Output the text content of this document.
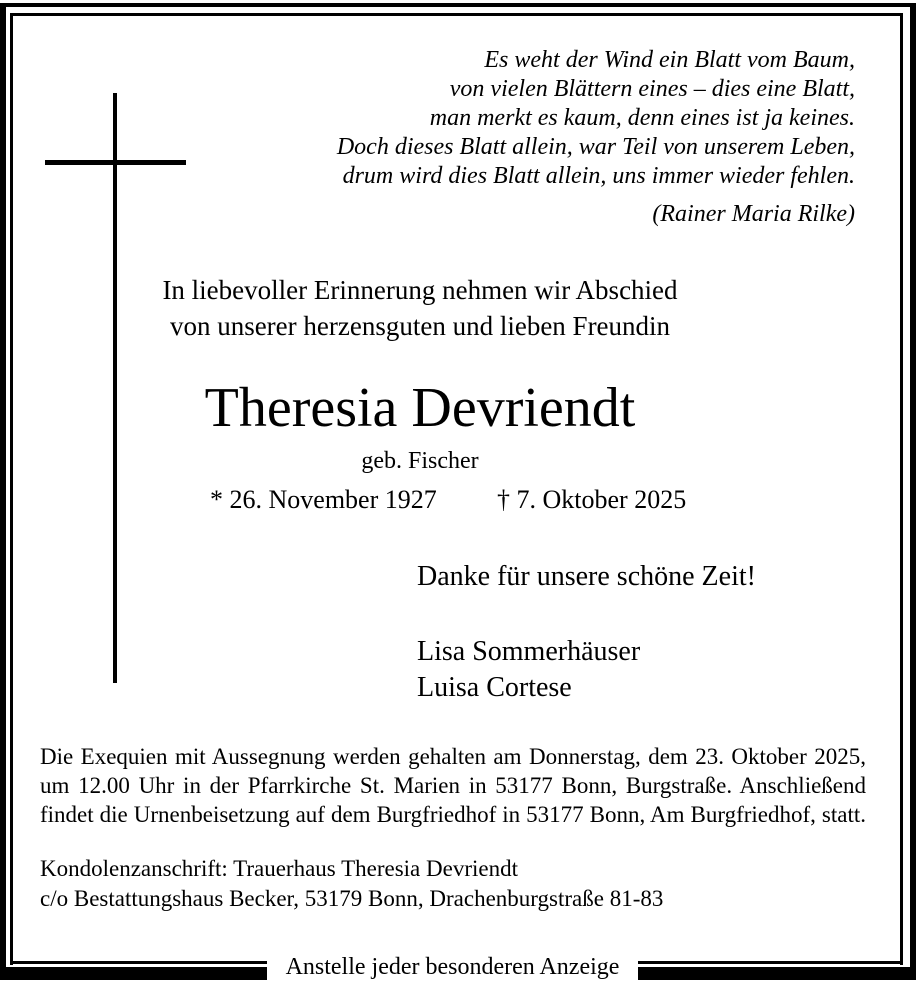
Es weht der Wind ein Blatt vom Baum,
von vielen Blättern eines – dies eine Blatt,
man merkt es kaum, denn eines ist ja keines.
Doch dieses Blatt allein, war Teil von unserem Leben,
drum wird dies Blatt allein, uns immer wieder fehlen.
(Rainer Maria Rilke)
In liebevoller Erinnerung nehmen wir Abschied
von unserer herzensguten und lieben Freundin
Theresia Devriendt
geb. Fischer
* 26. November 1927 † 7. Oktober 2025
Danke für unsere schöne Zeit!
Lisa Sommerhäuser
Luisa Cortese
Die Exequien mit Aussegnung werden gehalten am Donnerstag, dem 23. Oktober 2025,
um 12.00 Uhr in der Pfarrkirche St. Marien in 53177 Bonn, Burgstraße. Anschließend
findet die Urnenbeisetzung auf dem Burgfriedhof in 53177 Bonn, Am Burgfriedhof, statt.
Kondolenzanschrift: Trauerhaus Theresia Devriendt
c/o Bestattungshaus Becker, 53179 Bonn, Drachenburgstraße 81-83
Anstelle jeder besonderen Anzeige
